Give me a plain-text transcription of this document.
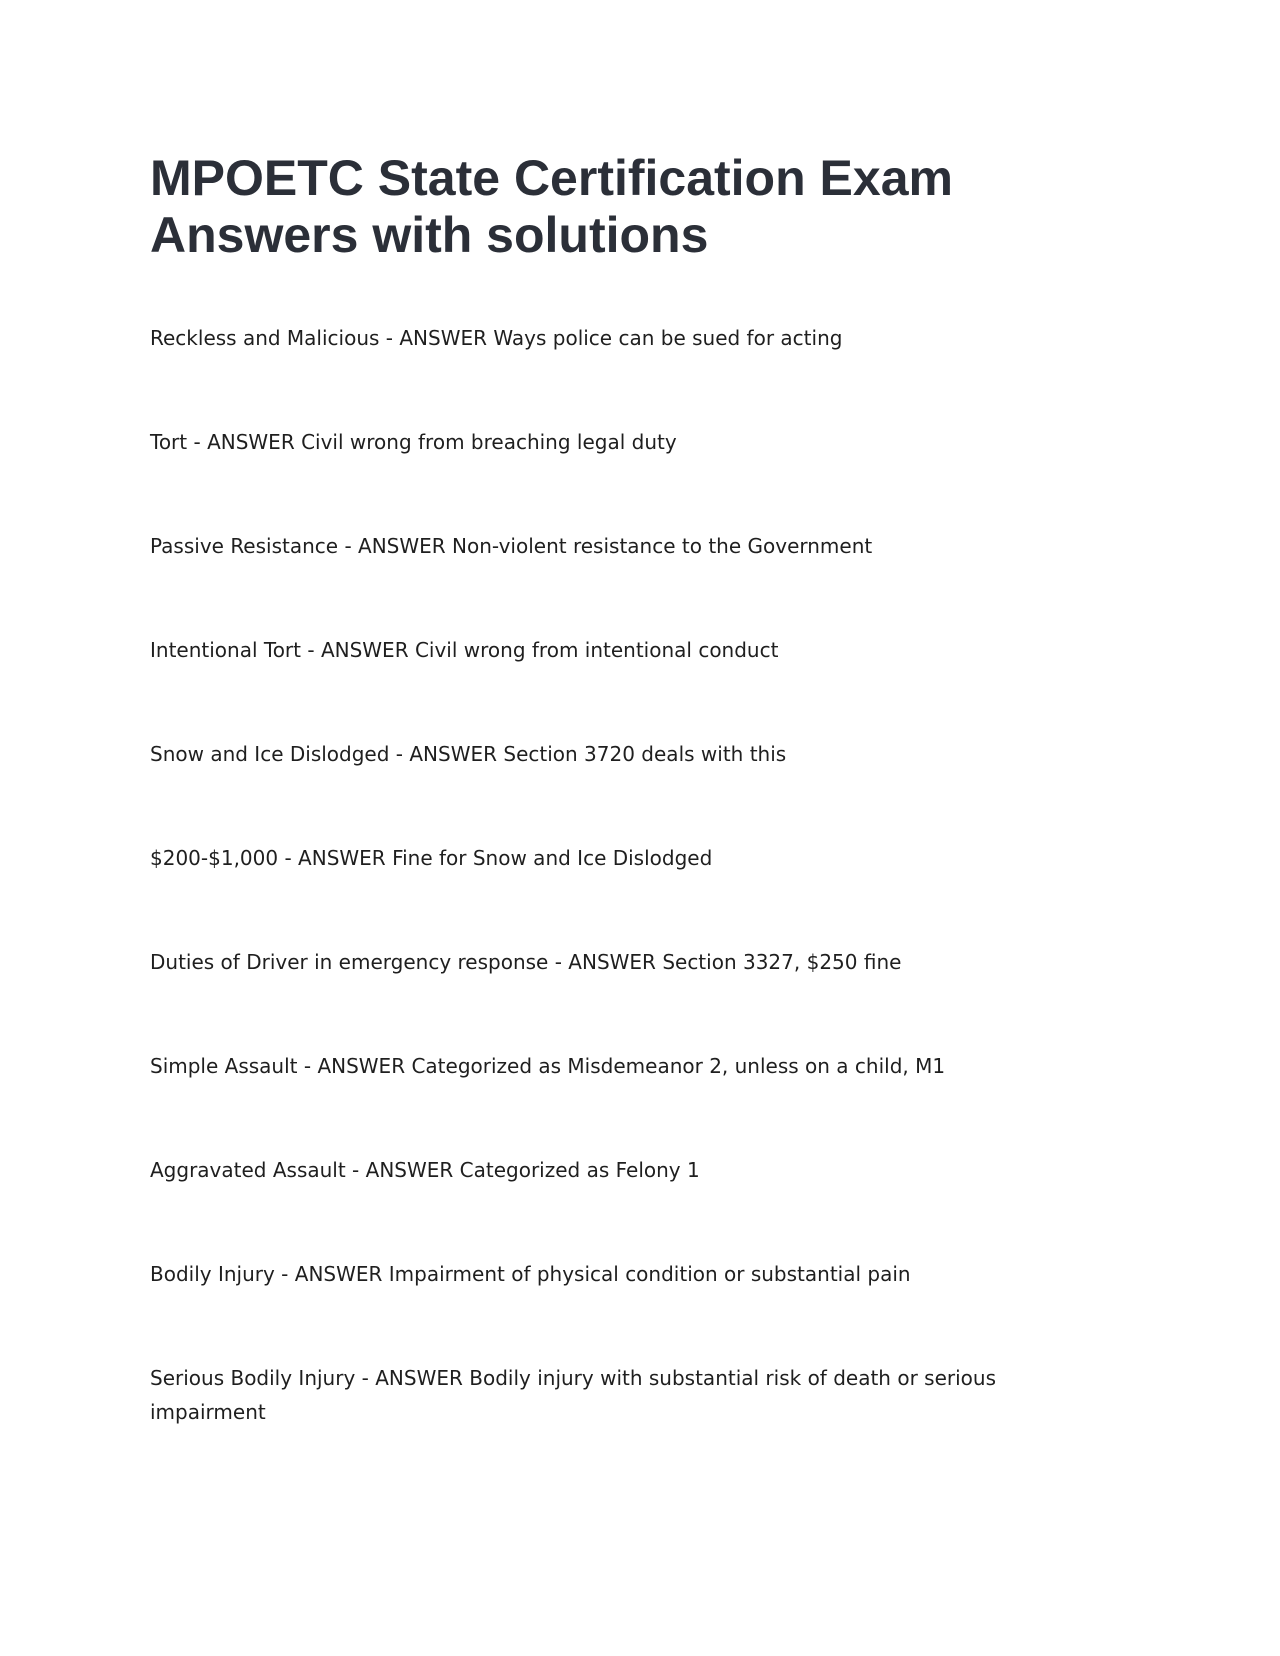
MPOETC State Certification Exam Answers with solutions
Reckless and Malicious - ANSWER Ways police can be sued for acting
Tort - ANSWER Civil wrong from breaching legal duty
Passive Resistance - ANSWER Non-violent resistance to the Government
Intentional Tort - ANSWER Civil wrong from intentional conduct
Snow and Ice Dislodged - ANSWER Section 3720 deals with this
$200-$1,000 - ANSWER Fine for Snow and Ice Dislodged
Duties of Driver in emergency response - ANSWER Section 3327, $250 fine
Simple Assault - ANSWER Categorized as Misdemeanor 2, unless on a child, M1
Aggravated Assault - ANSWER Categorized as Felony 1
Bodily Injury - ANSWER Impairment of physical condition or substantial pain
Serious Bodily Injury - ANSWER Bodily injury with substantial risk of death or serious impairment
